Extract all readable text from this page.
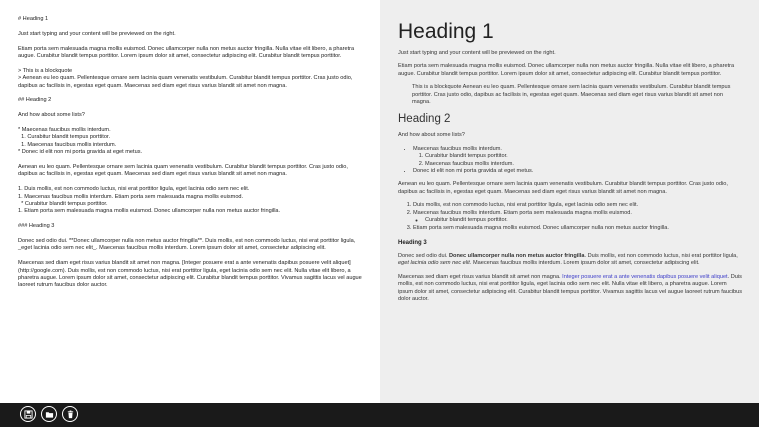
# Heading 1

Just start typing and your content will be previewed on the right.

Etiam porta sem malesuada magna mollis euismod. Donec ullamcorper nulla non metus auctor fringilla. Nulla vitae elit libero, a pharetra augue. Curabitur blandit tempus porttitor. Lorem ipsum dolor sit amet, consectetur adipiscing elit. Curabitur blandit tempus porttitor.

> This is a blockquote

> Aenean eu leo quam. Pellentesque ornare sem lacinia quam venenatis vestibulum. Curabitur blandit tempus porttitor. Cras justo odio, dapibus ac facilisis in, egestas eget quam. Maecenas sed diam eget risus varius blandit sit amet non magna.

## Heading 2

And how about some lists?

* Maecenas faucibus mollis interdum.

1. Curabitur blandit tempus porttitor.

1. Maecenas faucibus mollis interdum.

* Donec id elit non mi porta gravida at eget metus.

Aenean eu leo quam. Pellentesque ornare sem lacinia quam venenatis vestibulum. Curabitur blandit tempus porttitor. Cras justo odio, dapibus ac facilisis in, egestas eget quam. Maecenas sed diam eget risus varius blandit sit amet non magna.

1. Duis mollis, est non commodo luctus, nisi erat porttitor ligula, eget lacinia odio sem nec elit.

1. Maecenas faucibus mollis interdum. Etiam porta sem malesuada magna mollis euismod.

* Curabitur blandit tempus porttitor.

1. Etiam porta sem malesuada magna mollis euismod. Donec ullamcorper nulla non metus auctor fringilla.

### Heading 3

Donec sed odio dui. **Donec ullamcorper nulla non metus auctor fringilla**. Duis mollis, est non commodo luctus, nisi erat porttitor ligula, _eget lacinia odio sem nec elit_. Maecenas faucibus mollis interdum. Lorem ipsum dolor sit amet, consectetur adipiscing elit.

Maecenas sed diam eget risus varius blandit sit amet non magna. [Integer posuere erat a ante venenatis dapibus posuere velit aliquet](http://google.com). Duis mollis, est non commodo luctus, nisi erat porttitor ligula, eget lacinia odio sem nec elit. Nulla vitae elit libero, a pharetra augue. Lorem ipsum dolor sit amet, consectetur adipiscing elit. Curabitur blandit tempus porttitor. Vivamus sagittis lacus vel augue laoreet rutrum faucibus dolor auctor.

Heading 1

Just start typing and your content will be previewed on the right.

Etiam porta sem malesuada magna mollis euismod. Donec ullamcorper nulla non metus auctor fringilla. Nulla vitae elit libero, a pharetra augue. Curabitur blandit tempus porttitor. Lorem ipsum dolor sit amet, consectetur adipiscing elit. Curabitur blandit tempus porttitor.

This is a blockquote Aenean eu leo quam. Pellentesque ornare sem lacinia quam venenatis vestibulum. Curabitur blandit tempus porttitor. Cras justo odio, dapibus ac facilisis in, egestas eget quam. Maecenas sed diam eget risus varius blandit sit amet non magna.
Heading 2

And how about some lists?

• Maecenas faucibus mollis interdum.
1. Curabitur blandit tempus porttitor.
2. Maecenas faucibus mollis interdum.
• Donec id elit non mi porta gravida at eget metus.

Aenean eu leo quam. Pellentesque ornare sem lacinia quam venenatis vestibulum. Curabitur blandit tempus porttitor. Cras justo odio, dapibus ac facilisis in, egestas eget quam. Maecenas sed diam eget risus varius blandit sit amet non magna.

1. Duis mollis, est non commodo luctus, nisi erat porttitor ligula, eget lacinia odio sem nec elit.
2. Maecenas faucibus mollis interdum. Etiam porta sem malesuada magna mollis euismod.
◦ Curabitur blandit tempus porttitor.
3. Etiam porta sem malesuada magna mollis euismod. Donec ullamcorper nulla non metus auctor fringilla.
Heading 3

Donec sed odio dui. Donec ullamcorper nulla non metus auctor fringilla. Duis mollis, est non commodo luctus, nisi erat porttitor ligula, eget lacinia odio sem nec elit. Maecenas faucibus mollis interdum. Lorem ipsum dolor sit amet, consectetur adipiscing elit.

Maecenas sed diam eget risus varius blandit sit amet non magna. Integer posuere erat a ante venenatis dapibus posuere velit aliquet. Duis mollis, est non commodo luctus, nisi erat porttitor ligula, eget lacinia odio sem nec elit. Nulla vitae elit libero, a pharetra augue. Lorem ipsum dolor sit amet, consectetur adipiscing elit. Curabitur blandit tempus porttitor. Vivamus sagittis lacus vel augue laoreet rutrum faucibus dolor auctor.
